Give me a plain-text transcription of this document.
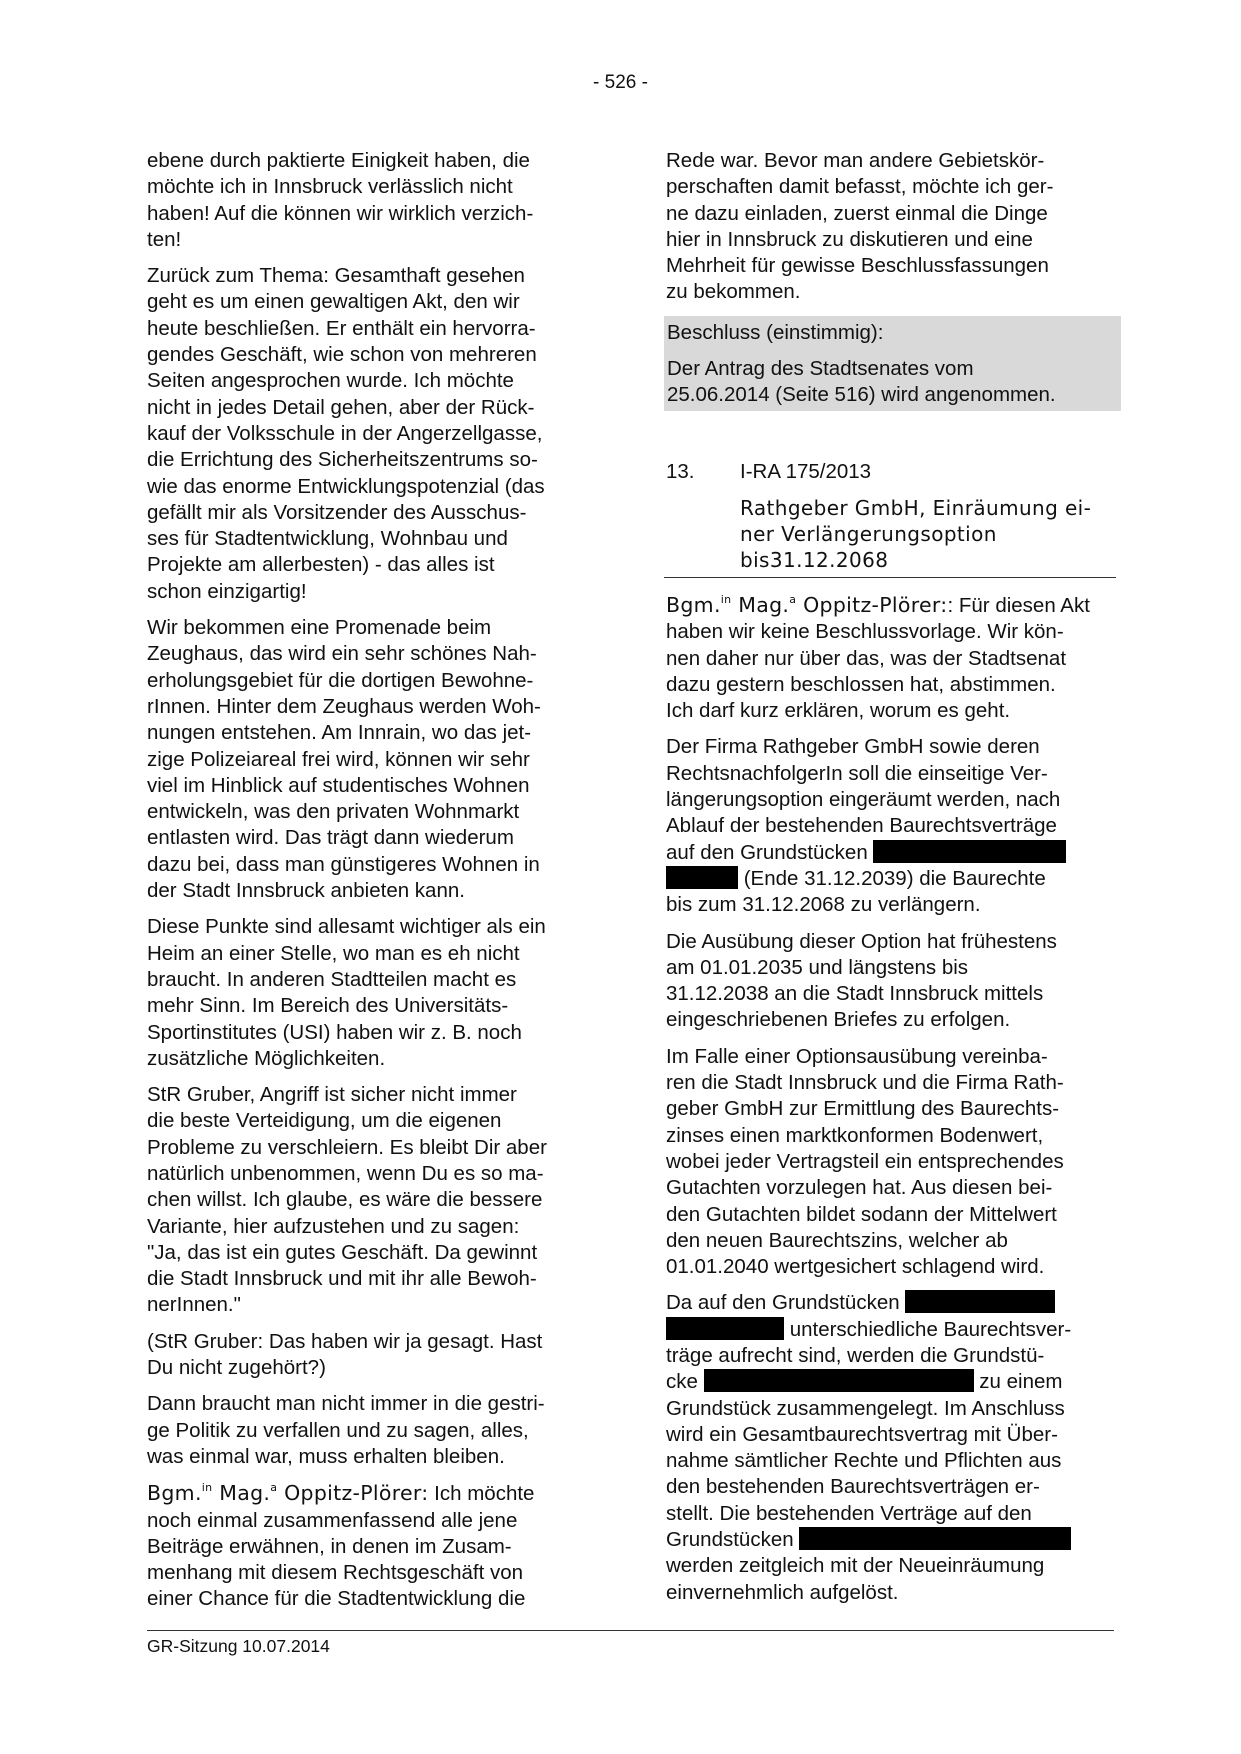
- 526 -

ebene durch paktierte Einigkeit haben, die
möchte ich in Innsbruck verlässlich nicht
haben! Auf die können wir wirklich verzich-
ten!

Zurück zum Thema: Gesamthaft gesehen
geht es um einen gewaltigen Akt, den wir
heute beschließen. Er enthält ein hervorra-
gendes Geschäft, wie schon von mehreren
Seiten angesprochen wurde. Ich möchte
nicht in jedes Detail gehen, aber der Rück-
kauf der Volksschule in der Angerzellgasse,
die Errichtung des Sicherheitszentrums so-
wie das enorme Entwicklungspotenzial (das
gefällt mir als Vorsitzender des Ausschus-
ses für Stadtentwicklung, Wohnbau und
Projekte am allerbesten) - das alles ist
schon einzigartig!

Wir bekommen eine Promenade beim
Zeughaus, das wird ein sehr schönes Nah-
erholungsgebiet für die dortigen Bewohne-
rInnen. Hinter dem Zeughaus werden Woh-
nungen entstehen. Am Innrain, wo das jet-
zige Polizeiareal frei wird, können wir sehr
viel im Hinblick auf studentisches Wohnen
entwickeln, was den privaten Wohnmarkt
entlasten wird. Das trägt dann wiederum
dazu bei, dass man günstigeres Wohnen in
der Stadt Innsbruck anbieten kann.

Diese Punkte sind allesamt wichtiger als ein
Heim an einer Stelle, wo man es eh nicht
braucht. In anderen Stadtteilen macht es
mehr Sinn. Im Bereich des Universitäts-
Sportinstitutes (USI) haben wir z. B. noch
zusätzliche Möglichkeiten.

StR Gruber, Angriff ist sicher nicht immer
die beste Verteidigung, um die eigenen
Probleme zu verschleiern. Es bleibt Dir aber
natürlich unbenommen, wenn Du es so ma-
chen willst. Ich glaube, es wäre die bessere
Variante, hier aufzustehen und zu sagen:
"Ja, das ist ein gutes Geschäft. Da gewinnt
die Stadt Innsbruck und mit ihr alle Bewoh-
nerInnen."

(StR Gruber: Das haben wir ja gesagt. Hast
Du nicht zugehört?)

Dann braucht man nicht immer in die gestri-
ge Politik zu verfallen und zu sagen, alles,
was einmal war, muss erhalten bleiben.

Bgm.$^{in}$ Mag.$^a$ Oppitz-Plörer: Ich möchte
noch einmal zusammenfassend alle jene
Beiträge erwähnen, in denen im Zusam-
menhang mit diesem Rechtsgeschäft von
einer Chance für die Stadtentwicklung die

Rede war. Bevor man andere Gebietskör-
perschaften damit befasst, möchte ich ger-
ne dazu einladen, zuerst einmal die Dinge
hier in Innsbruck zu diskutieren und eine
Mehrheit für gewisse Beschlussfassungen
zu bekommen.

Beschluss (einstimmig):

Der Antrag des Stadtsenates vom
25.06.2014 (Seite 516) wird angenommen.

13. I-RA 175/2013
Rathgeber GmbH, Einräumung ei-ner Verlängerungsoption bis31.12.2068

Bgm.$^{in}$ Mag.$^a$ Oppitz-Plörer:: Für diesen Akt
haben wir keine Beschlussvorlage. Wir kön-
nen daher nur über das, was der Stadtsenat
dazu gestern beschlossen hat, abstimmen.
Ich darf kurz erklären, worum es geht.

Der Firma Rathgeber GmbH sowie deren
RechtsnachfolgerIn soll die einseitige Ver-
längerungsoption eingeräumt werden, nach
Ablauf der bestehenden Baurechtsverträge
auf den Grundstücken
(Ende 31.12.2039) die Baurechte
bis zum 31.12.2068 zu verlängern.

Die Ausübung dieser Option hat frühestens
am 01.01.2035 und längstens bis
31.12.2038 an die Stadt Innsbruck mittels
eingeschriebenen Briefes zu erfolgen.

Im Falle einer Optionsausübung vereinba-
ren die Stadt Innsbruck und die Firma Rath-
geber GmbH zur Ermittlung des Baurechts-
zinses einen marktkonformen Bodenwert,
wobei jeder Vertragsteil ein entsprechendes
Gutachten vorzulegen hat. Aus diesen bei-
den Gutachten bildet sodann der Mittelwert
den neuen Baurechtszins, welcher ab
01.01.2040 wertgesichert schlagend wird.

Da auf den Grundstücken
unterschiedliche Baurechtsver-
träge aufrecht sind, werden die Grundstü-
cke	zu einem
Grundstück zusammengelegt. Im Anschluss
wird ein Gesamtbaurechtsvertrag mit Über-
nahme sämtlicher Rechte und Pflichten aus
den bestehenden Baurechtsverträgen er-
stellt. Die bestehenden Verträge auf den
Grundstücken
werden zeitgleich mit der Neueinräumung
einvernehmlich aufgelöst.

GR-Sitzung 10.07.2014
